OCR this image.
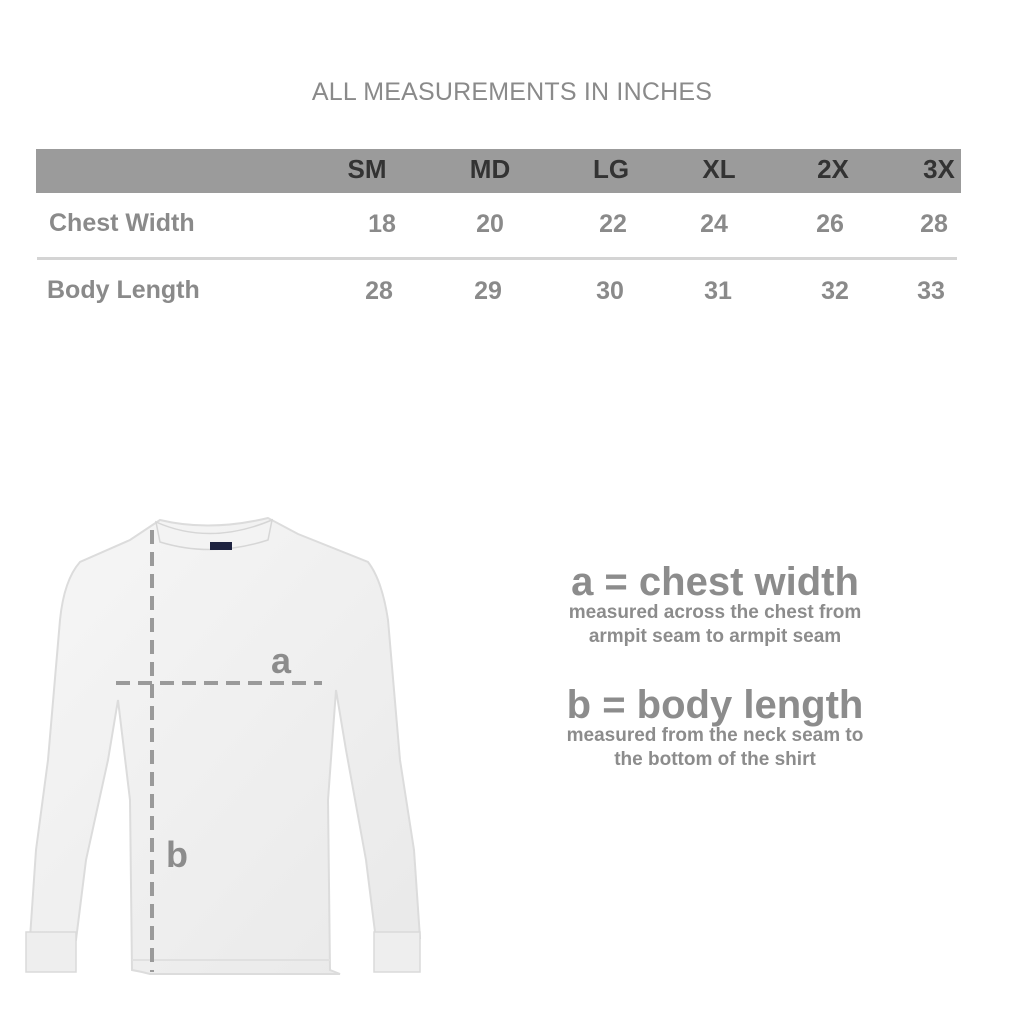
ALL MEASUREMENTS IN INCHES
SM	MD	LG	XL	2X	3X
Chest Width	18	20	22	24	26	28
Body Length	28	29	30	31	32	33
a
b
a = chest width
measured across the chest from
armpit seam to armpit seam
b = body length
measured from the neck seam to
the bottom of the shirt
